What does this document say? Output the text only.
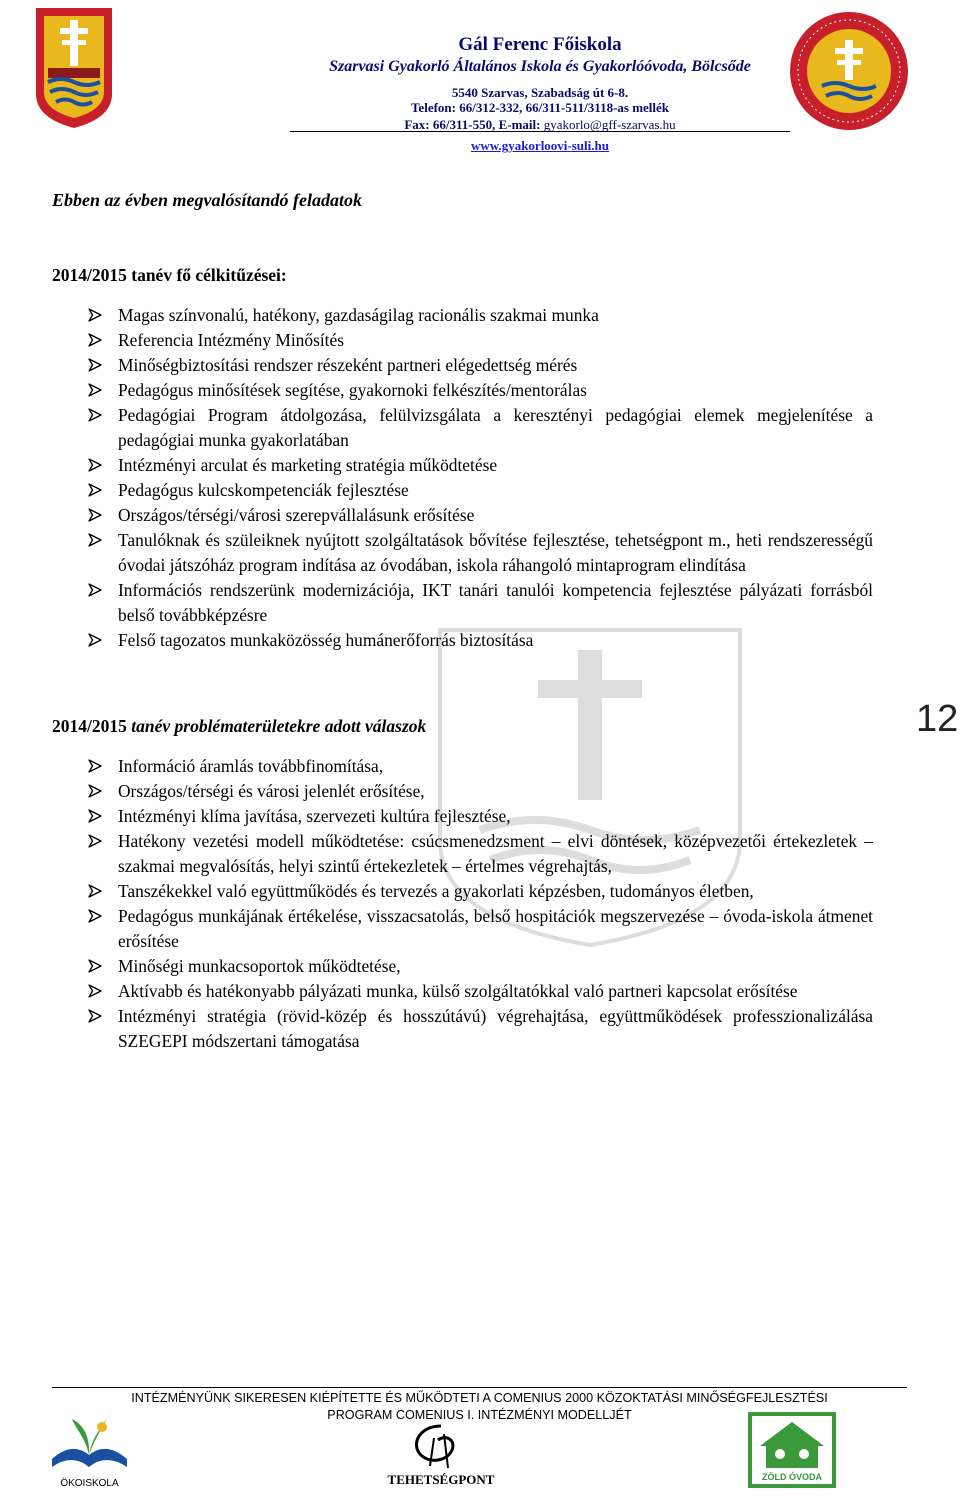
Gál Ferenc Főiskola
Szarvasi Gyakorló Általános Iskola és Gyakorlóóvoda, Bölcsőde
5540 Szarvas, Szabadság út 6-8.
Telefon: 66/312-332, 66/311-511/3118-as mellék
Fax: 66/311-550, E-mail: gyakorlo@gff-szarvas.hu
www.gyakorloovi-suli.hu
Ebben az évben megvalósítandó feladatok
2014/2015 tanév fő célkitűzései:
Magas színvonalú, hatékony, gazdaságilag racionális szakmai munka
Referencia Intézmény Minősítés
Minőségbiztosítási rendszer részeként partneri elégedettség mérés
Pedagógus minősítések segítése, gyakornoki felkészítés/mentorálas
Pedagógiai Program átdolgozása, felülvizsgálata a keresztényi pedagógiai elemek megjelenítése a pedagógiai munka gyakorlatában
Intézményi arculat és marketing stratégia működtetése
Pedagógus kulcskompetenciák fejlesztése
Országos/térségi/városi szerepvállalásunk erősítése
Tanulóknak és szüleiknek nyújtott szolgáltatások bővítése fejlesztése, tehetségpont m., heti rendszerességű óvodai játszóház program indítása az óvodában, iskola ráhangoló mintaprogram elindítása
Információs rendszerünk modernizációja, IKT tanári tanulói kompetencia fejlesztése pályázati forrásból belső továbbképzésre
Felső tagozatos munkaközösség humánerőforrás biztosítása
2014/2015 tanév problématerületekre adott válaszok	12
Információ áramlás továbbfinomítása,
Országos/térségi és városi jelenlét erősítése,
Intézményi klíma javítása, szervezeti kultúra fejlesztése,
Hatékony vezetési modell működtetése: csúcsmenedzsment – elvi döntések, középvezetői értekezletek – szakmai megvalósítás, helyi szintű értekezletek – értelmes végrehajtás,
Tanszékekkel való együttműködés és tervezés a gyakorlati képzésben, tudományos életben,
Pedagógus munkájának értékelése, visszacsatolás, belső hospitációk megszervezése – óvoda-iskola átmenet erősítése
Minőségi munkacsoportok működtetése,
Aktívabb és hatékonyabb pályázati munka, külső szolgáltatókkal való partneri kapcsolat erősítése
Intézményi stratégia (rövid-közép és hosszútávú) végrehajtása, együttműködések professzionalizálása SZEGEPI módszertani támogatása
INTÉZMÉNYÜNK SIKERESEN KIÉPÍTETTE ÉS MŰKÖDTETI A COMENIUS 2000 KÖZOKTATÁSI MINŐSÉGFEJLESZTÉSI
PROGRAM COMENIUS I. INTÉZMÉNYI MODELLJÉT
ÖKOISKOLA	TEHETSÉGPONT	ZÖLD ÓVODA
